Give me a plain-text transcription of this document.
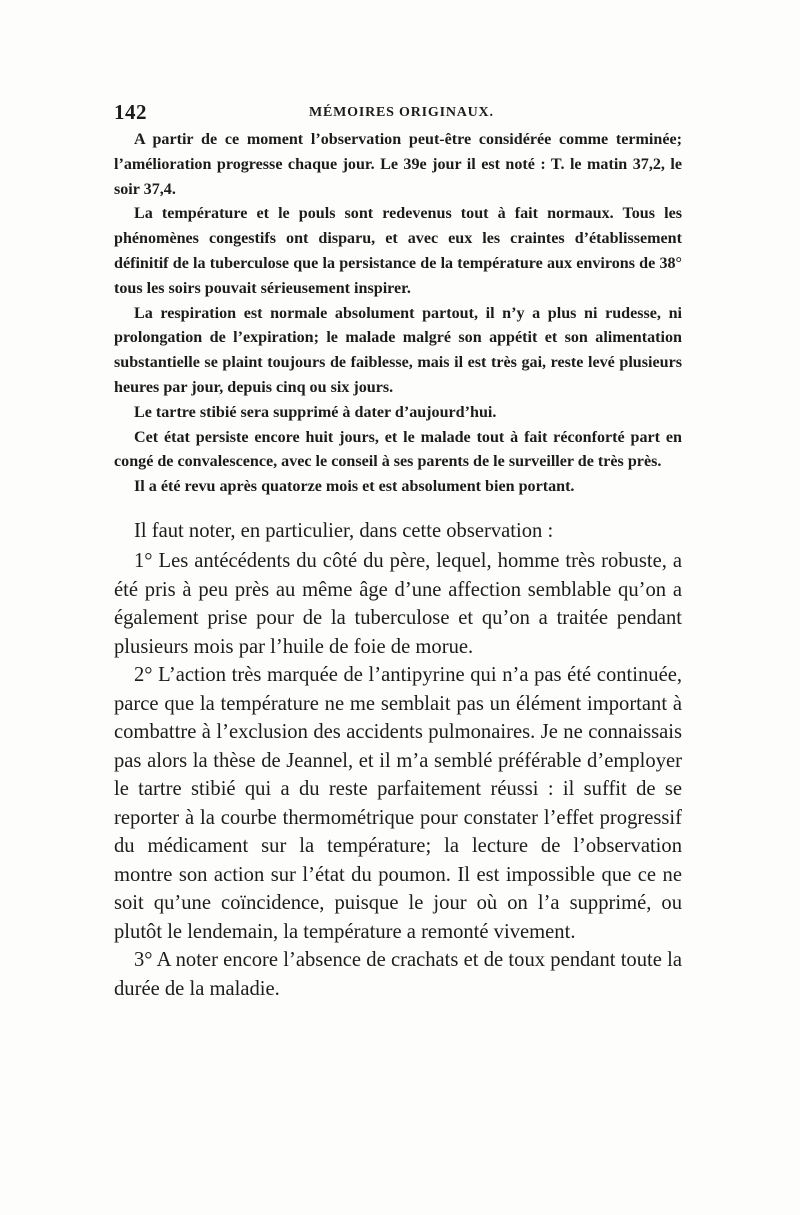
142	MÉMOIRES ORIGINAUX.

A partir de ce moment l’observation peut-être considérée comme terminée; l’amélioration progresse chaque jour. Le 39e jour il est noté : T. le matin 37,2, le soir 37,4.

La température et le pouls sont redevenus tout à fait normaux. Tous les phénomènes congestifs ont disparu, et avec eux les craintes d’établissement définitif de la tuberculose que la persistance de la température aux environs de 38° tous les soirs pouvait sérieusement inspirer.

La respiration est normale absolument partout, il n’y a plus ni rudesse, ni prolongation de l’expiration; le malade malgré son appétit et son alimentation substantielle se plaint toujours de faiblesse, mais il est très gai, reste levé plusieurs heures par jour, depuis cinq ou six jours.

Le tartre stibié sera supprimé à dater d’aujourd’hui.

Cet état persiste encore huit jours, et le malade tout à fait réconforté part en congé de convalescence, avec le conseil à ses parents de le surveiller de très près.

Il a été revu après quatorze mois et est absolument bien portant.

Il faut noter, en particulier, dans cette observation :

1° Les antécédents du côté du père, lequel, homme très robuste, a été pris à peu près au même âge d’une affection semblable qu’on a également prise pour de la tuberculose et qu’on a traitée pendant plusieurs mois par l’huile de foie de morue.

2° L’action très marquée de l’antipyrine qui n’a pas été continuée, parce que la température ne me semblait pas un élément important à combattre à l’exclusion des accidents pulmonaires. Je ne connaissais pas alors la thèse de Jeannel, et il m’a semblé préférable d’employer le tartre stibié qui a du reste parfaitement réussi : il suffit de se reporter à la courbe thermométrique pour constater l’effet progressif du médicament sur la température; la lecture de l’observation montre son action sur l’état du poumon. Il est impossible que ce ne soit qu’une coïncidence, puisque le jour où on l’a supprimé, ou plutôt le lendemain, la température a remonté vivement.

3° A noter encore l’absence de crachats et de toux pendant toute la durée de la maladie.
